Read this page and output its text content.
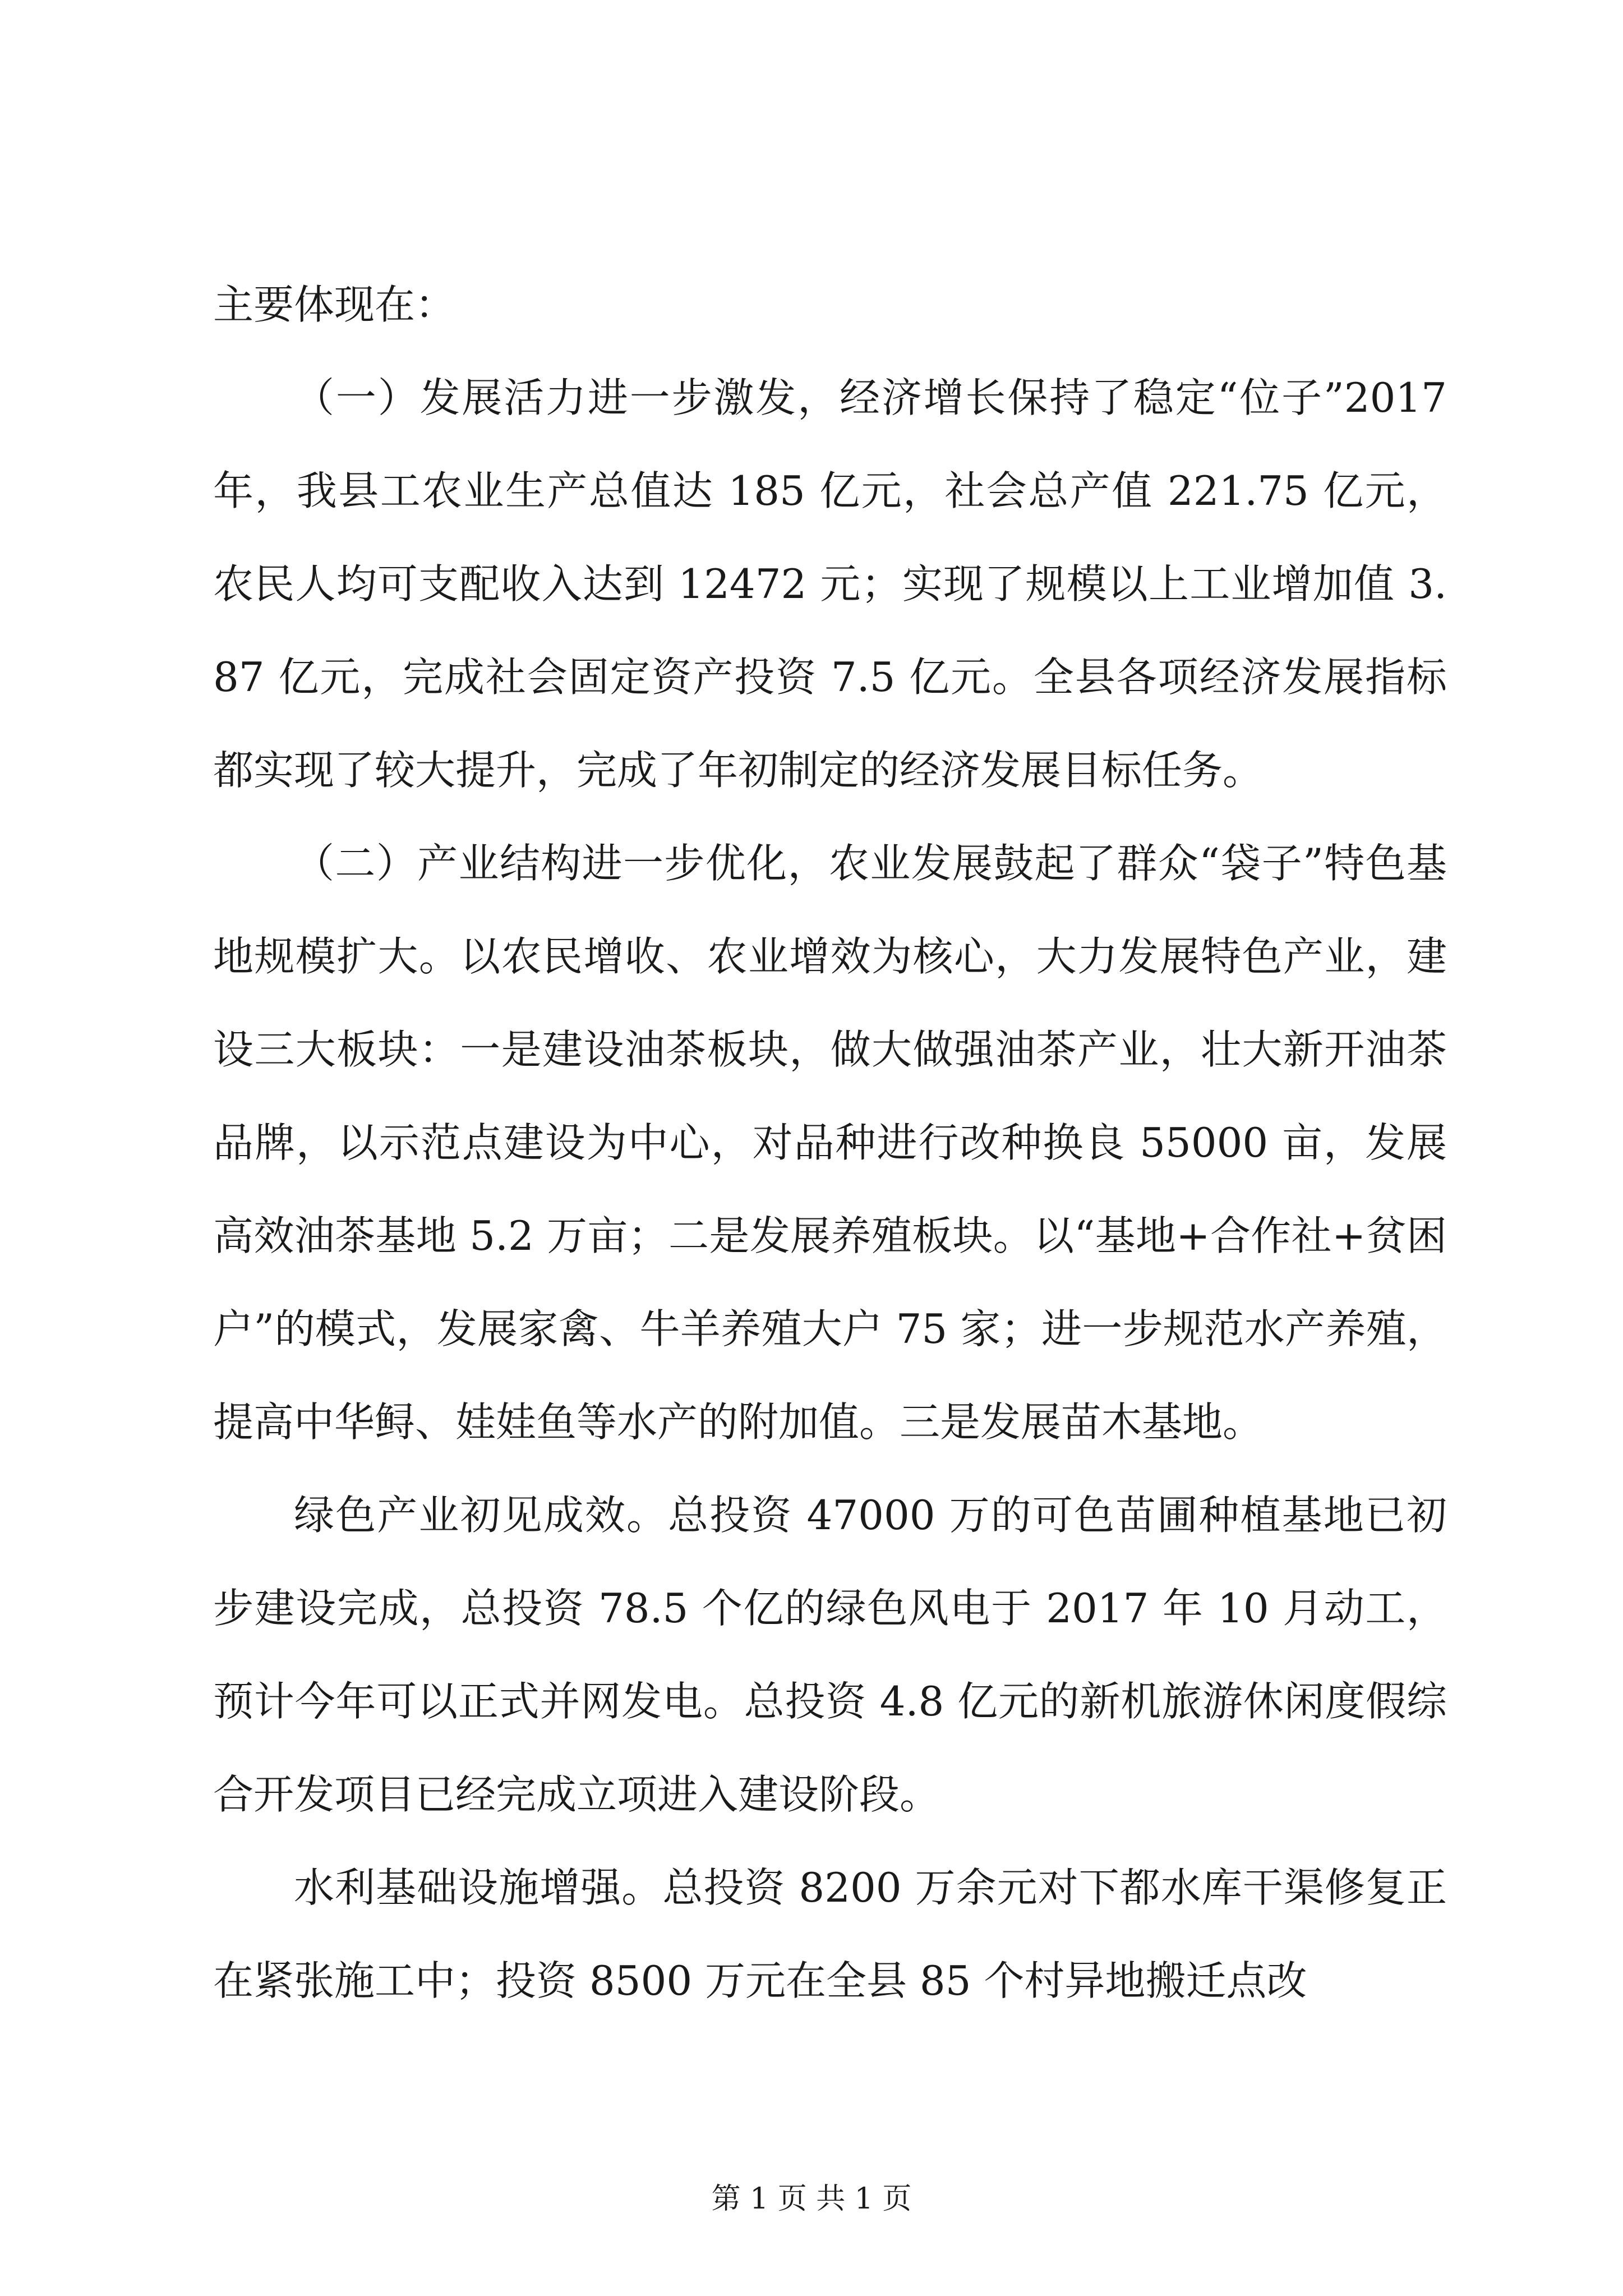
主要体现在：

（一）发展活力进一步激发，经济增长保持了稳定“位子”2017 年，我县工农业生产总值达 185 亿元，社会总产值 221.75 亿元，农民人均可支配收入达到 12472 元；实现了规模以上工业增加值 3.87 亿元，完成社会固定资产投资 7.5 亿元。全县各项经济发展指标都实现了较大提升，完成了年初制定的经济发展目标任务。

（二）产业结构进一步优化，农业发展鼓起了群众“袋子”特色基地规模扩大。以农民增收、农业增效为核心，大力发展特色产业，建设三大板块：一是建设油茶板块，做大做强油茶产业，壮大新开油茶品牌，以示范点建设为中心，对品种进行改种换良 55000 亩，发展高效油茶基地 5.2 万亩；二是发展养殖板块。以“基地+合作社+贫困户”的模式，发展家禽、牛羊养殖大户 75 家；进一步规范水产养殖，提高中华鲟、娃娃鱼等水产的附加值。三是发展苗木基地。

绿色产业初见成效。总投资 47000 万的可色苗圃种植基地已初步建设完成，总投资 78.5 个亿的绿色风电于 2017 年 10 月动工，预计今年可以正式并网发电。总投资 4.8 亿元的新机旅游休闲度假综合开发项目已经完成立项进入建设阶段。

水利基础设施增强。总投资 8200 万余元对下都水库干渠修复正在紧张施工中；投资 8500 万元在全县 85 个村异地搬迁点改

第 1 页 共 1 页
